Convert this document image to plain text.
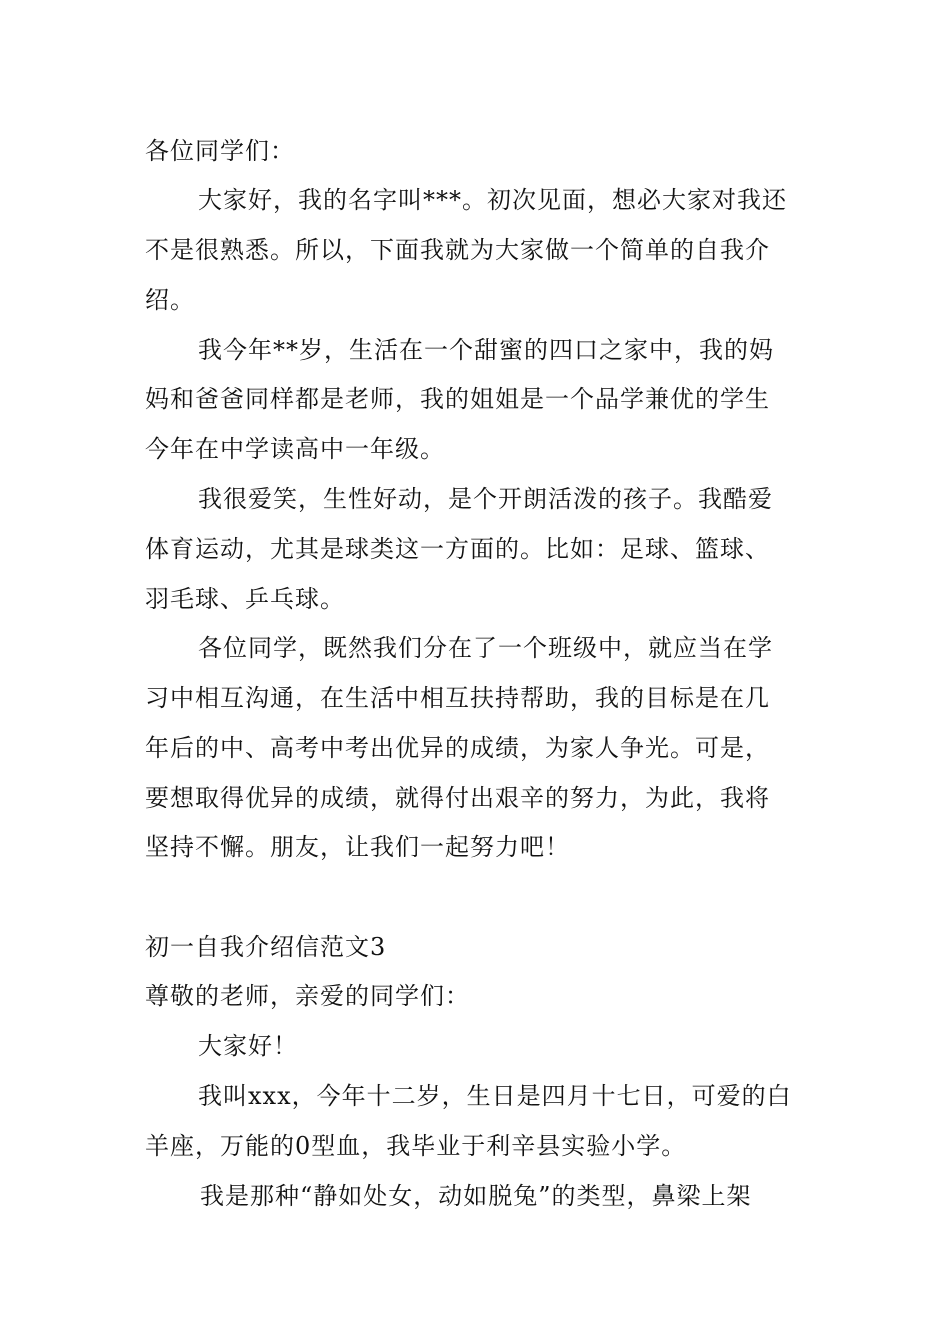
各位同学们：
大家好，我的名字叫***。初次见面，想必大家对我还
不是很熟悉。所以，下面我就为大家做一个简单的自我介
绍。
我今年**岁，生活在一个甜蜜的四口之家中，我的妈
妈和爸爸同样都是老师，我的姐姐是一个品学兼优的学生
今年在中学读高中一年级。
我很爱笑，生性好动，是个开朗活泼的孩子。我酷爱
体育运动，尤其是球类这一方面的。比如：足球、篮球、
羽毛球、乒乓球。
各位同学，既然我们分在了一个班级中，就应当在学
习中相互沟通，在生活中相互扶持帮助，我的目标是在几
年后的中、高考中考出优异的成绩，为家人争光。可是，
要想取得优异的成绩，就得付出艰辛的努力，为此，我将
坚持不懈。朋友，让我们一起努力吧！
初一自我介绍信范文3
尊敬的老师，亲爱的同学们：
大家好！
我叫xxx，今年十二岁，生日是四月十七日，可爱的白
羊座，万能的0型血，我毕业于利辛县实验小学。
我是那种“静如处女，动如脱兔”的类型，鼻梁上架
